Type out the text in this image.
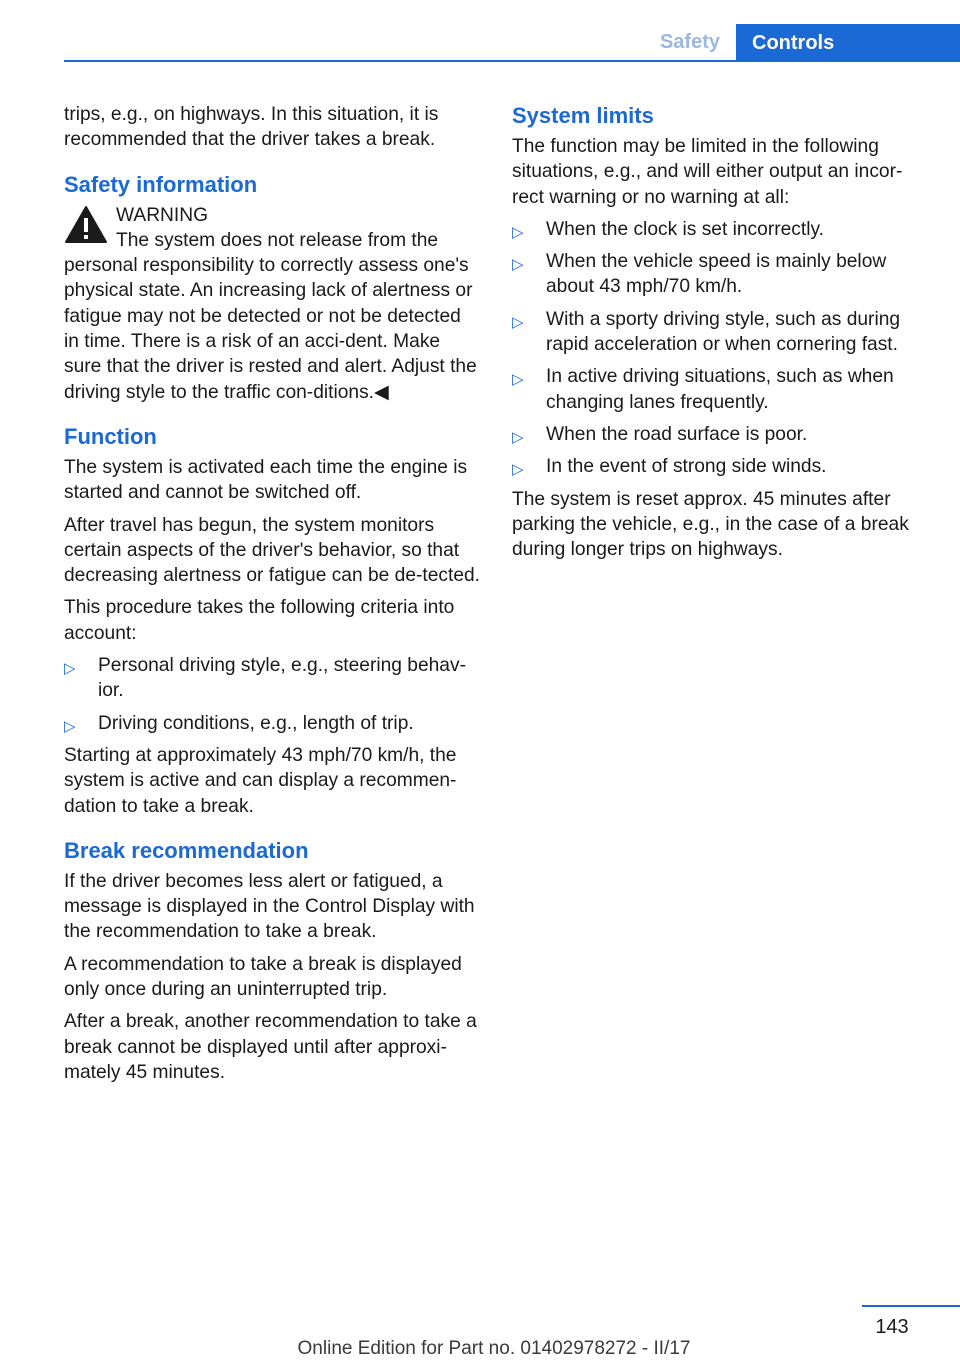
Safety	Controls

trips, e.g., on highways. In this situation, it is recommended that the driver takes a break.

Safety information

WARNING
The system does not release from the personal responsibility to correctly assess one's physical state. An increasing lack of alertness or fatigue may not be detected or not be detected in time. There is a risk of an acci-dent. Make sure that the driver is rested and alert. Adjust the driving style to the traffic con-ditions.◀

Function

The system is activated each time the engine is started and cannot be switched off.

After travel has begun, the system monitors certain aspects of the driver's behavior, so that decreasing alertness or fatigue can be de-tected.

This procedure takes the following criteria into account:

▷ Personal driving style, e.g., steering behav-ior.
▷ Driving conditions, e.g., length of trip.

Starting at approximately 43 mph/70 km/h, the system is active and can display a recommen-dation to take a break.

Break recommendation

If the driver becomes less alert or fatigued, a message is displayed in the Control Display with the recommendation to take a break.

A recommendation to take a break is displayed only once during an uninterrupted trip.

After a break, another recommendation to take a break cannot be displayed until after approxi-mately 45 minutes.

System limits

The function may be limited in the following situations, e.g., and will either output an incor-rect warning or no warning at all:

▷ When the clock is set incorrectly.
▷ When the vehicle speed is mainly below about 43 mph/70 km/h.
▷ With a sporty driving style, such as during rapid acceleration or when cornering fast.
▷ In active driving situations, such as when changing lanes frequently.
▷ When the road surface is poor.
▷ In the event of strong side winds.

The system is reset approx. 45 minutes after parking the vehicle, e.g., in the case of a break during longer trips on highways.

143
Online Edition for Part no. 01402978272 - II/17
